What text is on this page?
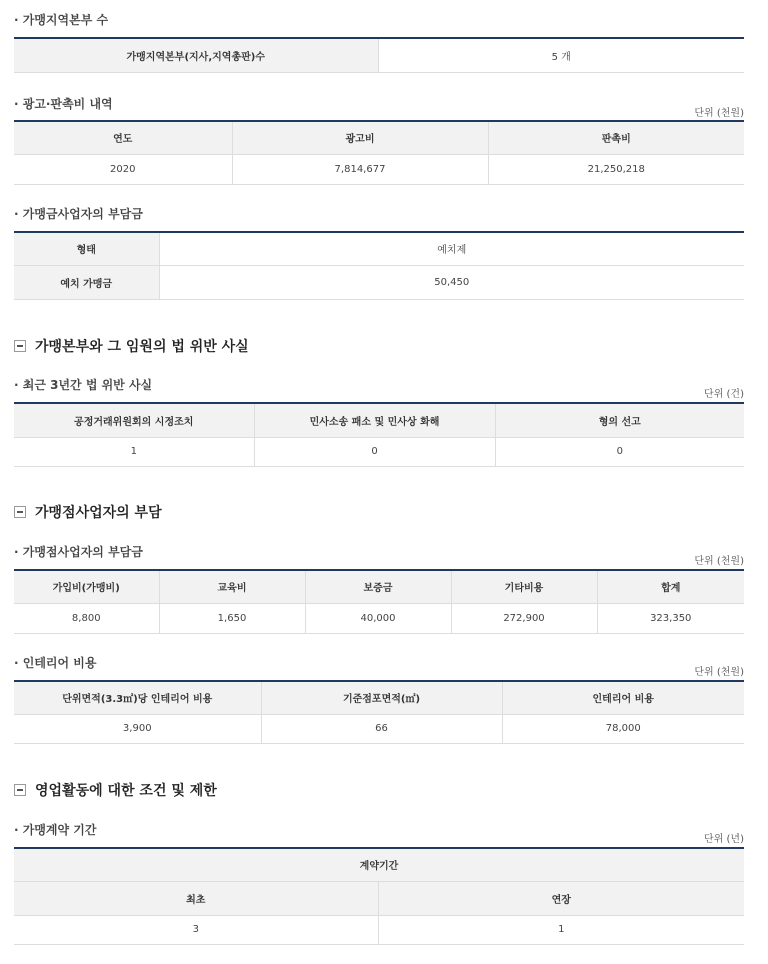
· 가맹지역본부 수
가맹지역본부(지사,지역총판)수	5 개
· 광고·판촉비 내역
단위 (천원)
연도	광고비	판촉비
2020	7,814,677	21,250,218
· 가맹금사업자의 부담금
형태	예치제
예치 가맹금	50,450
가맹본부와 그 임원의 법 위반 사실
· 최근 3년간 법 위반 사실
단위 (건)
공정거래위원회의 시정조치	민사소송 패소 및 민사상 화해	형의 선고
1	0	0
가맹점사업자의 부담
· 가맹점사업자의 부담금
단위 (천원)
가입비(가맹비)	교육비	보증금	기타비용	합계
8,800	1,650	40,000	272,900	323,350
· 인테리어 비용
단위 (천원)
단위면적(3.3㎡)당 인테리어 비용	기준점포면적(㎡)	인테리어 비용
3,900	66	78,000
영업활동에 대한 조건 및 제한
· 가맹계약 기간
단위 (년)
계약기간	
최초	연장
3	1
